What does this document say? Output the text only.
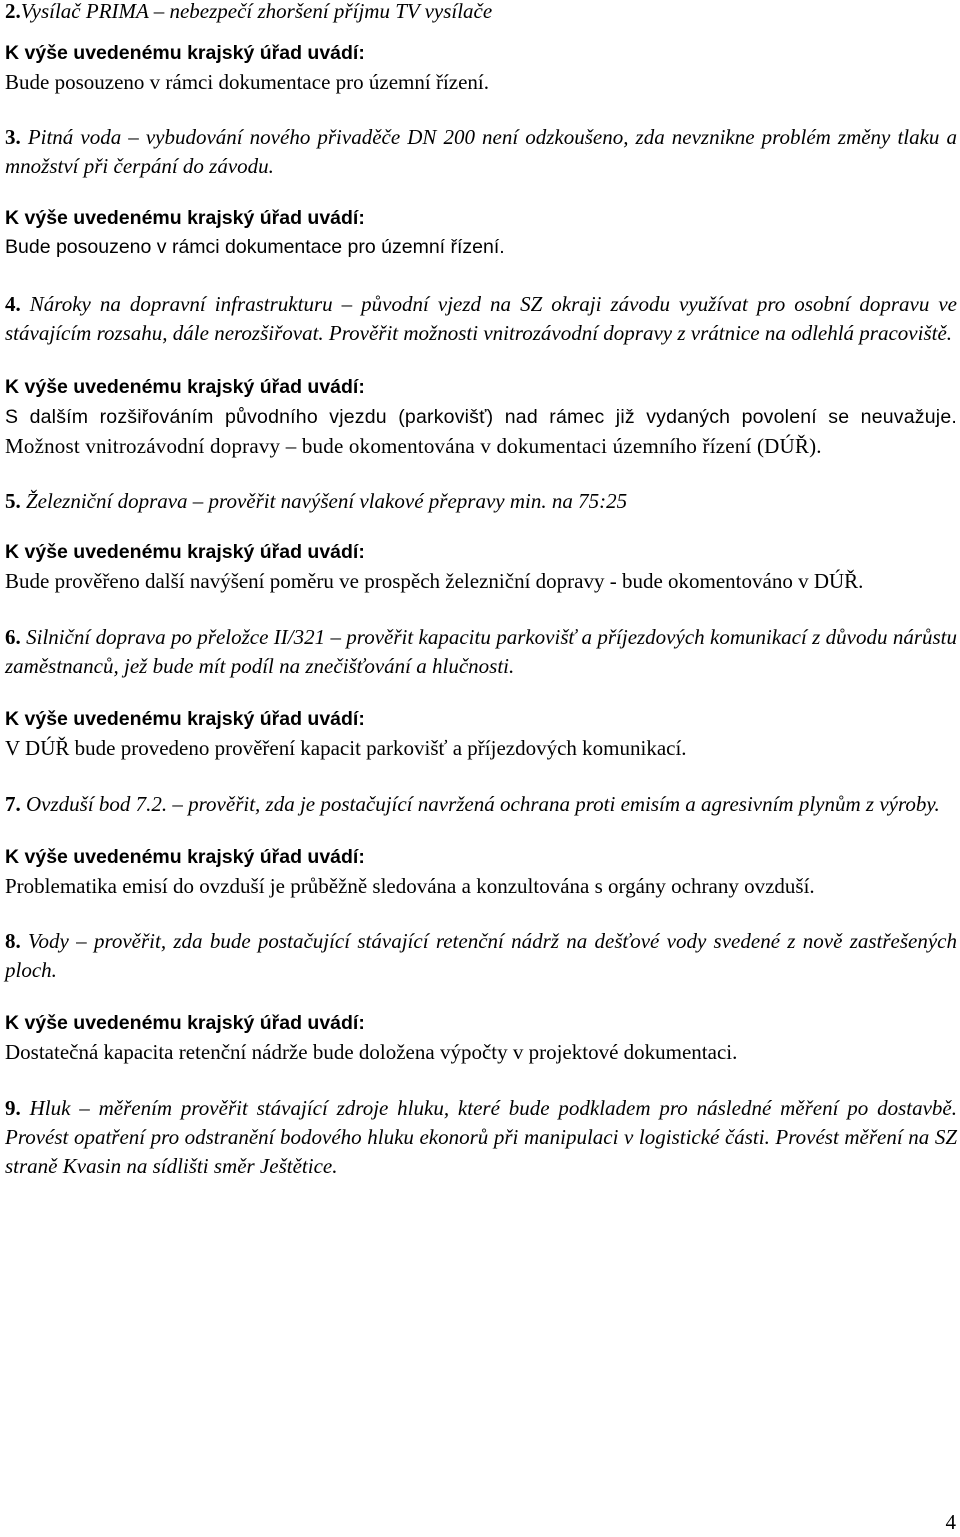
2.Vysílač PRIMA – nebezpečí zhoršení příjmu TV vysílače

K výše uvedenému krajský úřad uvádí:
Bude posouzeno v rámci dokumentace pro územní řízení.

3. Pitná voda – vybudování nového přivaděče DN 200 není odzkoušeno, zda nevznikne problém změny tlaku a množství při čerpání do závodu.

K výše uvedenému krajský úřad uvádí:
Bude posouzeno v rámci dokumentace pro územní řízení.

4. Nároky na dopravní infrastrukturu – původní vjezd na SZ okraji závodu využívat pro osobní dopravu ve stávajícím rozsahu, dále nerozšiřovat. Prověřit možnosti vnitrozávodní dopravy z vrátnice na odlehlá pracoviště.

K výše uvedenému krajský úřad uvádí:
S dalším rozšiřováním původního vjezdu (parkovišť) nad rámec již vydaných povolení se neuvažuje. Možnost vnitrozávodní dopravy – bude okomentována v dokumentaci územního řízení (DÚŘ).

5. Železniční doprava – prověřit navýšení vlakové přepravy min. na 75:25

K výše uvedenému krajský úřad uvádí:
Bude prověřeno další navýšení poměru ve prospěch železniční dopravy - bude okomentováno v DÚŘ.

6. Silniční doprava po přeložce II/321 – prověřit kapacitu parkovišť a příjezdových komunikací z důvodu nárůstu zaměstnanců, jež bude mít podíl na znečišťování a hlučnosti.

K výše uvedenému krajský úřad uvádí:
V DÚŘ bude provedeno prověření kapacit parkovišť a příjezdových komunikací.

7. Ovzduší bod 7.2. – prověřit, zda je postačující navržená ochrana proti emisím a agresivním plynům z výroby.

K výše uvedenému krajský úřad uvádí:
Problematika emisí do ovzduší je průběžně sledována a konzultována s orgány ochrany ovzduší.

8. Vody – prověřit, zda bude postačující stávající retenční nádrž na dešťové vody svedené z nově zastřešených ploch.

K výše uvedenému krajský úřad uvádí:
Dostatečná kapacita retenční nádrže bude doložena výpočty v projektové dokumentaci.

9. Hluk – měřením prověřit stávající zdroje hluku, které bude podkladem pro následné měření po dostavbě. Provést opatření pro odstranění bodového hluku ekonorů při manipulaci v logistické části. Provést měření na SZ straně Kvasin na sídlišti směr Ještětice.

4
